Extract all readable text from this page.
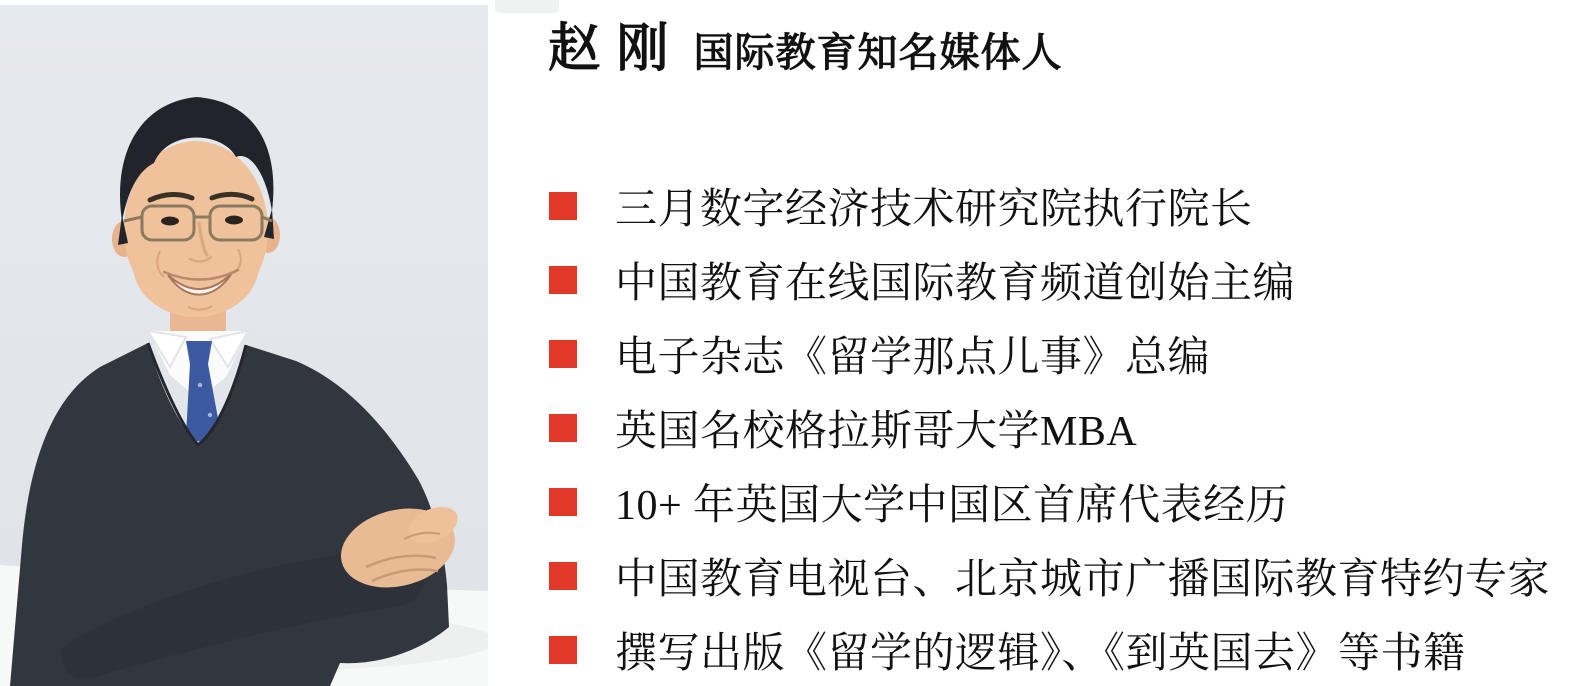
赵 刚 国际教育知名媒体人
三月数字经济技术研究院执行院长
中国教育在线国际教育频道创始主编
电子杂志《留学那点儿事》总编
英国名校格拉斯哥大学MBA
10+ 年英国大学中国区首席代表经历
中国教育电视台、北京城市广播国际教育特约专家
撰写出版《留学的逻辑》、《到英国去》等书籍
